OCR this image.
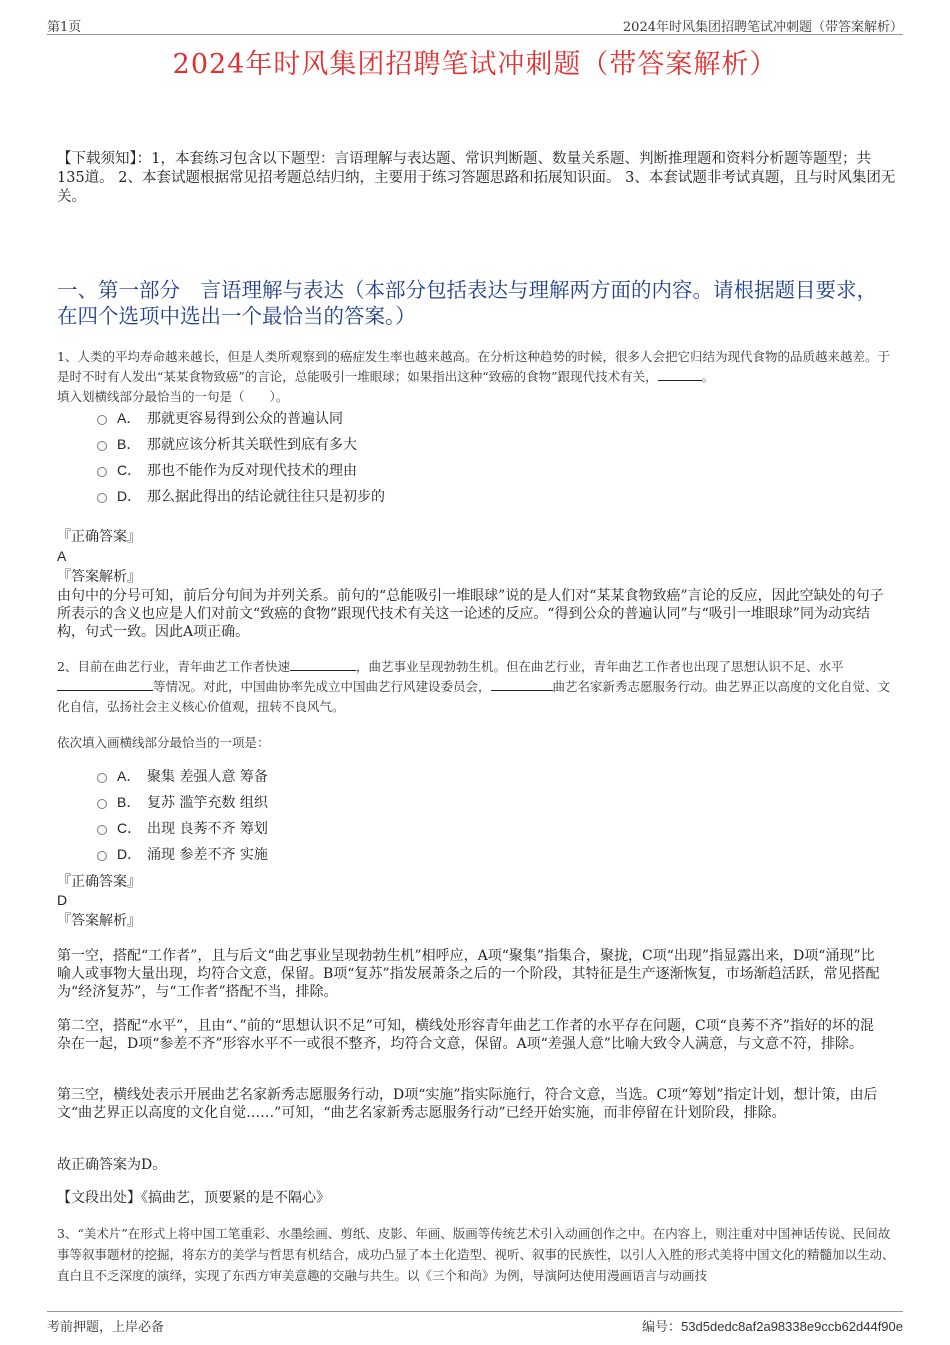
第1页	2024年时风集团招聘笔试冲刺题（带答案解析）
2024年时风集团招聘笔试冲刺题（带答案解析）
【下载须知】：1，本套练习包含以下题型：言语理解与表达题、常识判断题、数量关系题、判断推理题和资料分析题等题型；共135道。 2、本套试题根据常见招考题总结归纳，主要用于练习答题思路和拓展知识面。 3、本套试题非考试真题，且与时风集团无关。
一、第一部分　言语理解与表达（本部分包括表达与理解两方面的内容。请根据题目要求，在四个选项中选出一个最恰当的答案。）
1、人类的平均寿命越来越长，但是人类所观察到的癌症发生率也越来越高。在分析这种趋势的时候，很多人会把它归结为现代食物的品质越来越差。于是时不时有人发出“某某食物致癌”的言论，总能吸引一堆眼球；如果指出这种“致癌的食物”跟现代技术有关，	。
填入划横线部分最恰当的一句是（　　）。
A． 那就更容易得到公众的普遍认同
B． 那就应该分析其关联性到底有多大
C． 那也不能作为反对现代技术的理由
D． 那么据此得出的结论就往往只是初步的
『正确答案』
A
『答案解析』
由句中的分号可知，前后分句间为并列关系。前句的“总能吸引一堆眼球”说的是人们对“某某食物致癌”言论的反应，因此空缺处的句子所表示的含义也应是人们对前文“致癌的食物”跟现代技术有关这一论述的反应。“得到公众的普遍认同”与“吸引一堆眼球”同为动宾结构，句式一致。因此A项正确。
2、目前在曲艺行业，青年曲艺工作者快速	，曲艺事业呈现勃勃生机。但在曲艺行业，青年曲艺工作者也出现了思想认识不足、水平
等情况。对此，中国曲协率先成立中国曲艺行风建设委员会，	曲艺名家新秀志愿服务行动。曲艺界正以高度的文化自觉、文化自信，弘扬社会主义核心价值观，扭转不良风气。
依次填入画横线部分最恰当的一项是：
A． 聚集 差强人意 筹备
B． 复苏 滥竽充数 组织
C． 出现 良莠不齐 筹划
D． 涌现 参差不齐 实施
『正确答案』
D
『答案解析』
第一空，搭配“工作者”，且与后文“曲艺事业呈现勃勃生机”相呼应，A项“聚集”指集合，聚拢，C项“出现”指显露出来，D项“涌现”比喻人或事物大量出现，均符合文意，保留。B项“复苏”指发展萧条之后的一个阶段，其特征是生产逐渐恢复，市场渐趋活跃，常见搭配为“经济复苏”，与“工作者”搭配不当，排除。
第二空，搭配“水平”，且由“、”前的“思想认识不足”可知，横线处形容青年曲艺工作者的水平存在问题，C项“良莠不齐”指好的坏的混杂在一起，D项“参差不齐”形容水平不一或很不整齐，均符合文意，保留。A项“差强人意”比喻大致令人满意，与文意不符，排除。
第三空，横线处表示开展曲艺名家新秀志愿服务行动，D项“实施”指实际施行，符合文意，当选。C项“筹划”指定计划，想计策，由后文“曲艺界正以高度的文化自觉……”可知，“曲艺名家新秀志愿服务行动”已经开始实施，而非停留在计划阶段，排除。
故正确答案为D。
【文段出处】《搞曲艺，顶要紧的是不隔心》
3、“美术片”在形式上将中国工笔重彩、水墨绘画、剪纸、皮影、年画、版画等传统艺术引入动画创作之中。在内容上，则注重对中国神话传说、民间故事等叙事题材的挖掘，将东方的美学与哲思有机结合，成功凸显了本土化造型、视听、叙事的民族性，以引人入胜的形式美将中国文化的精髓加以生动、直白且不乏深度的演绎，实现了东西方审美意趣的交融与共生。以《三个和尚》为例，导演阿达使用漫画语言与动画技
考前押题，上岸必备	编号：53d5dedc8af2a98338e9ccb62d44f90e
